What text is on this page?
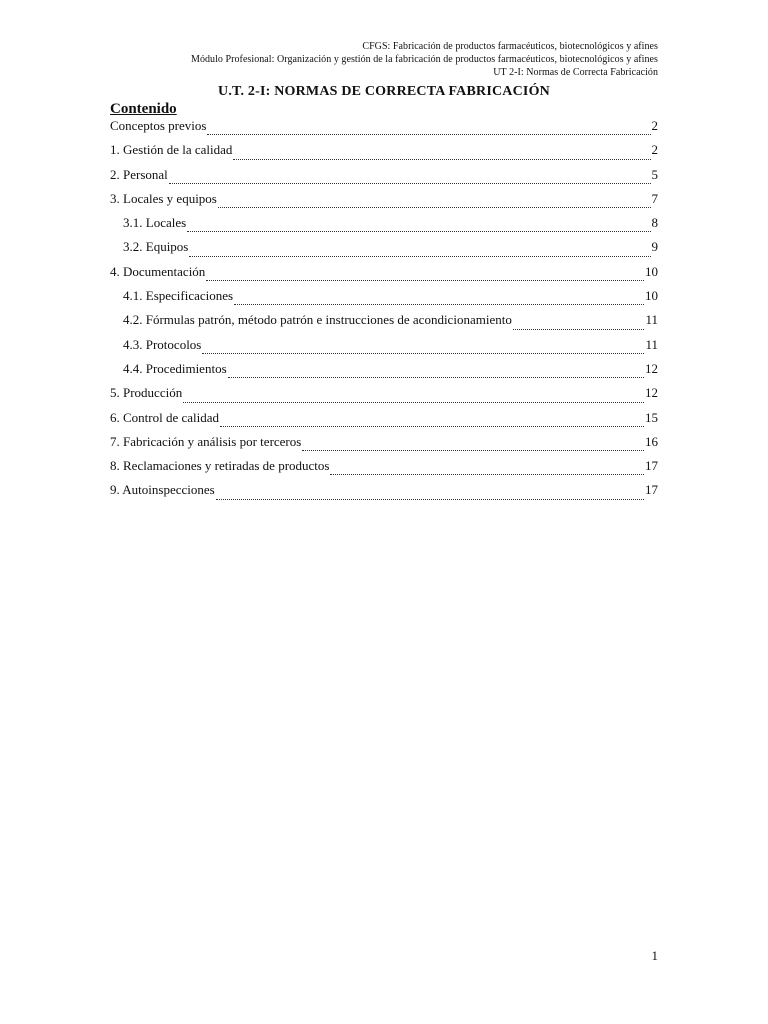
CFGS: Fabricación de productos farmacéuticos, biotecnológicos y afines
Módulo Profesional: Organización y gestión de la fabricación de productos farmacéuticos, biotecnológicos y afines
UT 2-I: Normas de Correcta Fabricación
U.T. 2-I: NORMAS DE CORRECTA FABRICACIÓN
Contenido
Conceptos previos	2
1. Gestión de la calidad	2
2. Personal	5
3. Locales y equipos	7
3.1. Locales	8
3.2. Equipos	9
4. Documentación	10
4.1. Especificaciones	10
4.2. Fórmulas patrón, método patrón e instrucciones de acondicionamiento	11
4.3. Protocolos	11
4.4. Procedimientos	12
5. Producción	12
6. Control de calidad	15
7. Fabricación y análisis por terceros	16
8. Reclamaciones y retiradas de productos	17
9. Autoinspecciones	17
1
